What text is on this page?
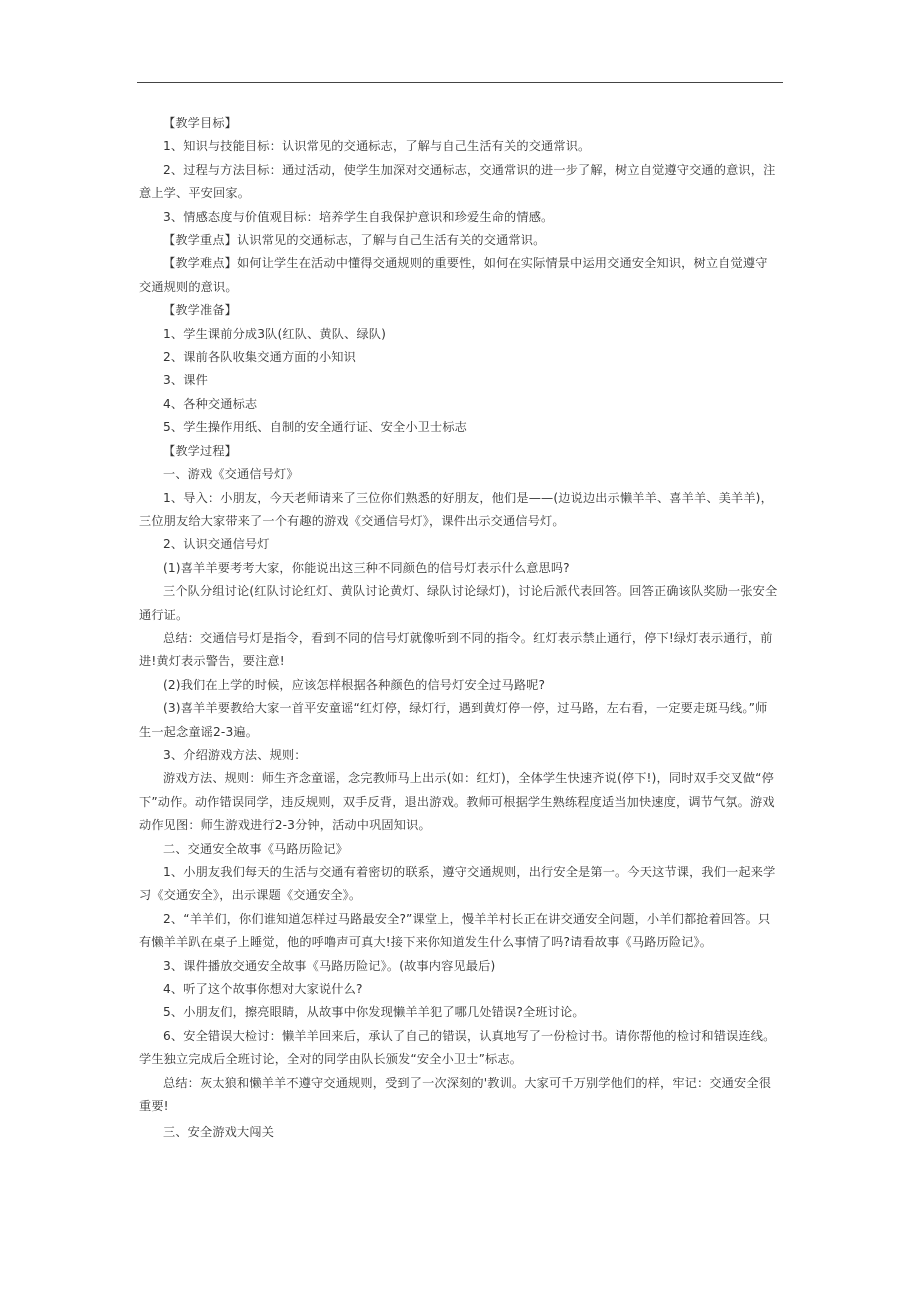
【教学目标】

1、知识与技能目标：认识常见的交通标志，了解与自己生活有关的交通常识。

2、过程与方法目标：通过活动，使学生加深对交通标志，交通常识的进一步了解，树立自觉遵守交通的意识，注意上学、平安回家。

3、情感态度与价值观目标：培养学生自我保护意识和珍爱生命的情感。

【教学重点】认识常见的交通标志，了解与自己生活有关的交通常识。

【教学难点】如何让学生在活动中懂得交通规则的重要性，如何在实际情景中运用交通安全知识，树立自觉遵守交通规则的意识。

【教学准备】

1、学生课前分成3队(红队、黄队、绿队)

2、课前各队收集交通方面的小知识

3、课件

4、各种交通标志

5、学生操作用纸、自制的安全通行证、安全小卫士标志

【教学过程】

一、游戏《交通信号灯》

1、导入：小朋友，今天老师请来了三位你们熟悉的好朋友，他们是——(边说边出示懒羊羊、喜羊羊、美羊羊)，三位朋友给大家带来了一个有趣的游戏《交通信号灯》，课件出示交通信号灯。

2、认识交通信号灯

(1)喜羊羊要考考大家，你能说出这三种不同颜色的信号灯表示什么意思吗?

三个队分组讨论(红队讨论红灯、黄队讨论黄灯、绿队讨论绿灯)，讨论后派代表回答。回答正确该队奖励一张安全通行证。

总结：交通信号灯是指令，看到不同的信号灯就像听到不同的指令。红灯表示禁止通行，停下!绿灯表示通行，前进!黄灯表示警告，要注意!

(2)我们在上学的时候，应该怎样根据各种颜色的信号灯安全过马路呢?

(3)喜羊羊要教给大家一首平安童谣“红灯停，绿灯行，遇到黄灯停一停，过马路，左右看，一定要走斑马线。”师生一起念童谣2-3遍。

3、介绍游戏方法、规则：

游戏方法、规则：师生齐念童谣，念完教师马上出示(如：红灯)，全体学生快速齐说(停下!)，同时双手交叉做“停下”动作。动作错误同学，违反规则，双手反背，退出游戏。教师可根据学生熟练程度适当加快速度，调节气氛。游戏动作见图：师生游戏进行2-3分钟，活动中巩固知识。

二、交通安全故事《马路历险记》

1、小朋友我们每天的生活与交通有着密切的联系，遵守交通规则，出行安全是第一。今天这节课，我们一起来学习《交通安全》，出示课题《交通安全》。

2、“羊羊们，你们谁知道怎样过马路最安全?”课堂上，慢羊羊村长正在讲交通安全问题，小羊们都抢着回答。只有懒羊羊趴在桌子上睡觉，他的呼噜声可真大!接下来你知道发生什么事情了吗?请看故事《马路历险记》。

3、课件播放交通安全故事《马路历险记》。(故事内容见最后)

4、听了这个故事你想对大家说什么?

5、小朋友们，擦亮眼睛，从故事中你发现懒羊羊犯了哪几处错误?全班讨论。

6、安全错误大检讨：懒羊羊回来后，承认了自己的错误，认真地写了一份检讨书。请你帮他的检讨和错误连线。学生独立完成后全班讨论，全对的同学由队长颁发“安全小卫士”标志。

总结：灰太狼和懒羊羊不遵守交通规则，受到了一次深刻的'教训。大家可千万别学他们的样，牢记：交通安全很重要!

三、安全游戏大闯关
